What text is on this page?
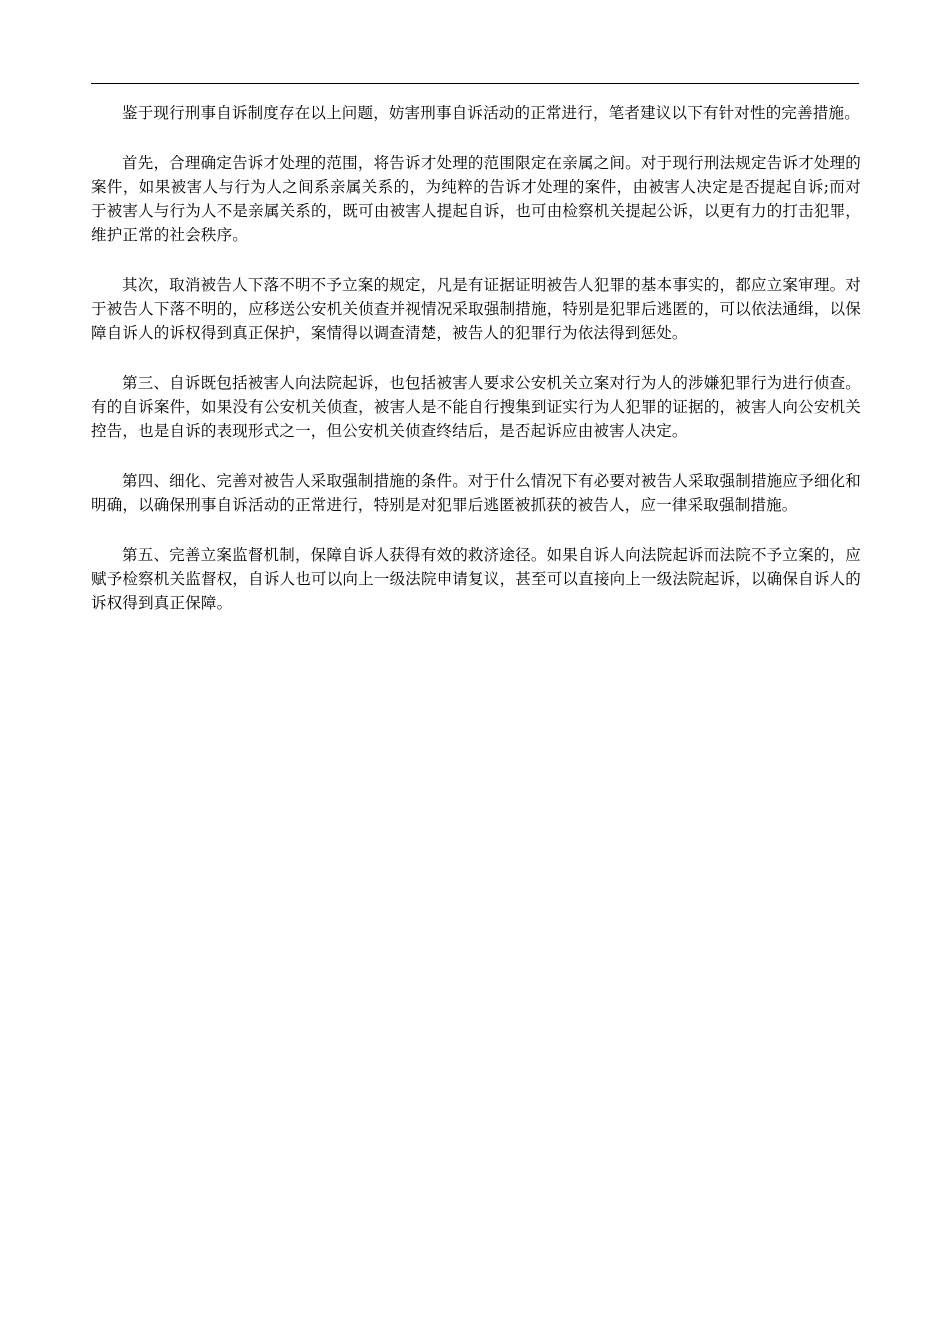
鉴于现行刑事自诉制度存在以上问题，妨害刑事自诉活动的正常进行，笔者建议以下有针对性的完善措施。

首先，合理确定告诉才处理的范围，将告诉才处理的范围限定在亲属之间。对于现行刑法规定告诉才处理的案件，如果被害人与行为人之间系亲属关系的，为纯粹的告诉才处理的案件，由被害人决定是否提起自诉;而对于被害人与行为人不是亲属关系的，既可由被害人提起自诉，也可由检察机关提起公诉，以更有力的打击犯罪，维护正常的社会秩序。

其次，取消被告人下落不明不予立案的规定，凡是有证据证明被告人犯罪的基本事实的，都应立案审理。对于被告人下落不明的，应移送公安机关侦查并视情况采取强制措施，特别是犯罪后逃匿的，可以依法通缉，以保障自诉人的诉权得到真正保护，案情得以调查清楚，被告人的犯罪行为依法得到惩处。

第三、自诉既包括被害人向法院起诉，也包括被害人要求公安机关立案对行为人的涉嫌犯罪行为进行侦查。有的自诉案件，如果没有公安机关侦查，被害人是不能自行搜集到证实行为人犯罪的证据的，被害人向公安机关控告，也是自诉的表现形式之一，但公安机关侦查终结后，是否起诉应由被害人决定。

第四、细化、完善对被告人采取强制措施的条件。对于什么情况下有必要对被告人采取强制措施应予细化和明确，以确保刑事自诉活动的正常进行，特别是对犯罪后逃匿被抓获的被告人，应一律采取强制措施。

第五、完善立案监督机制，保障自诉人获得有效的救济途径。如果自诉人向法院起诉而法院不予立案的，应赋予检察机关监督权，自诉人也可以向上一级法院申请复议，甚至可以直接向上一级法院起诉，以确保自诉人的诉权得到真正保障。
